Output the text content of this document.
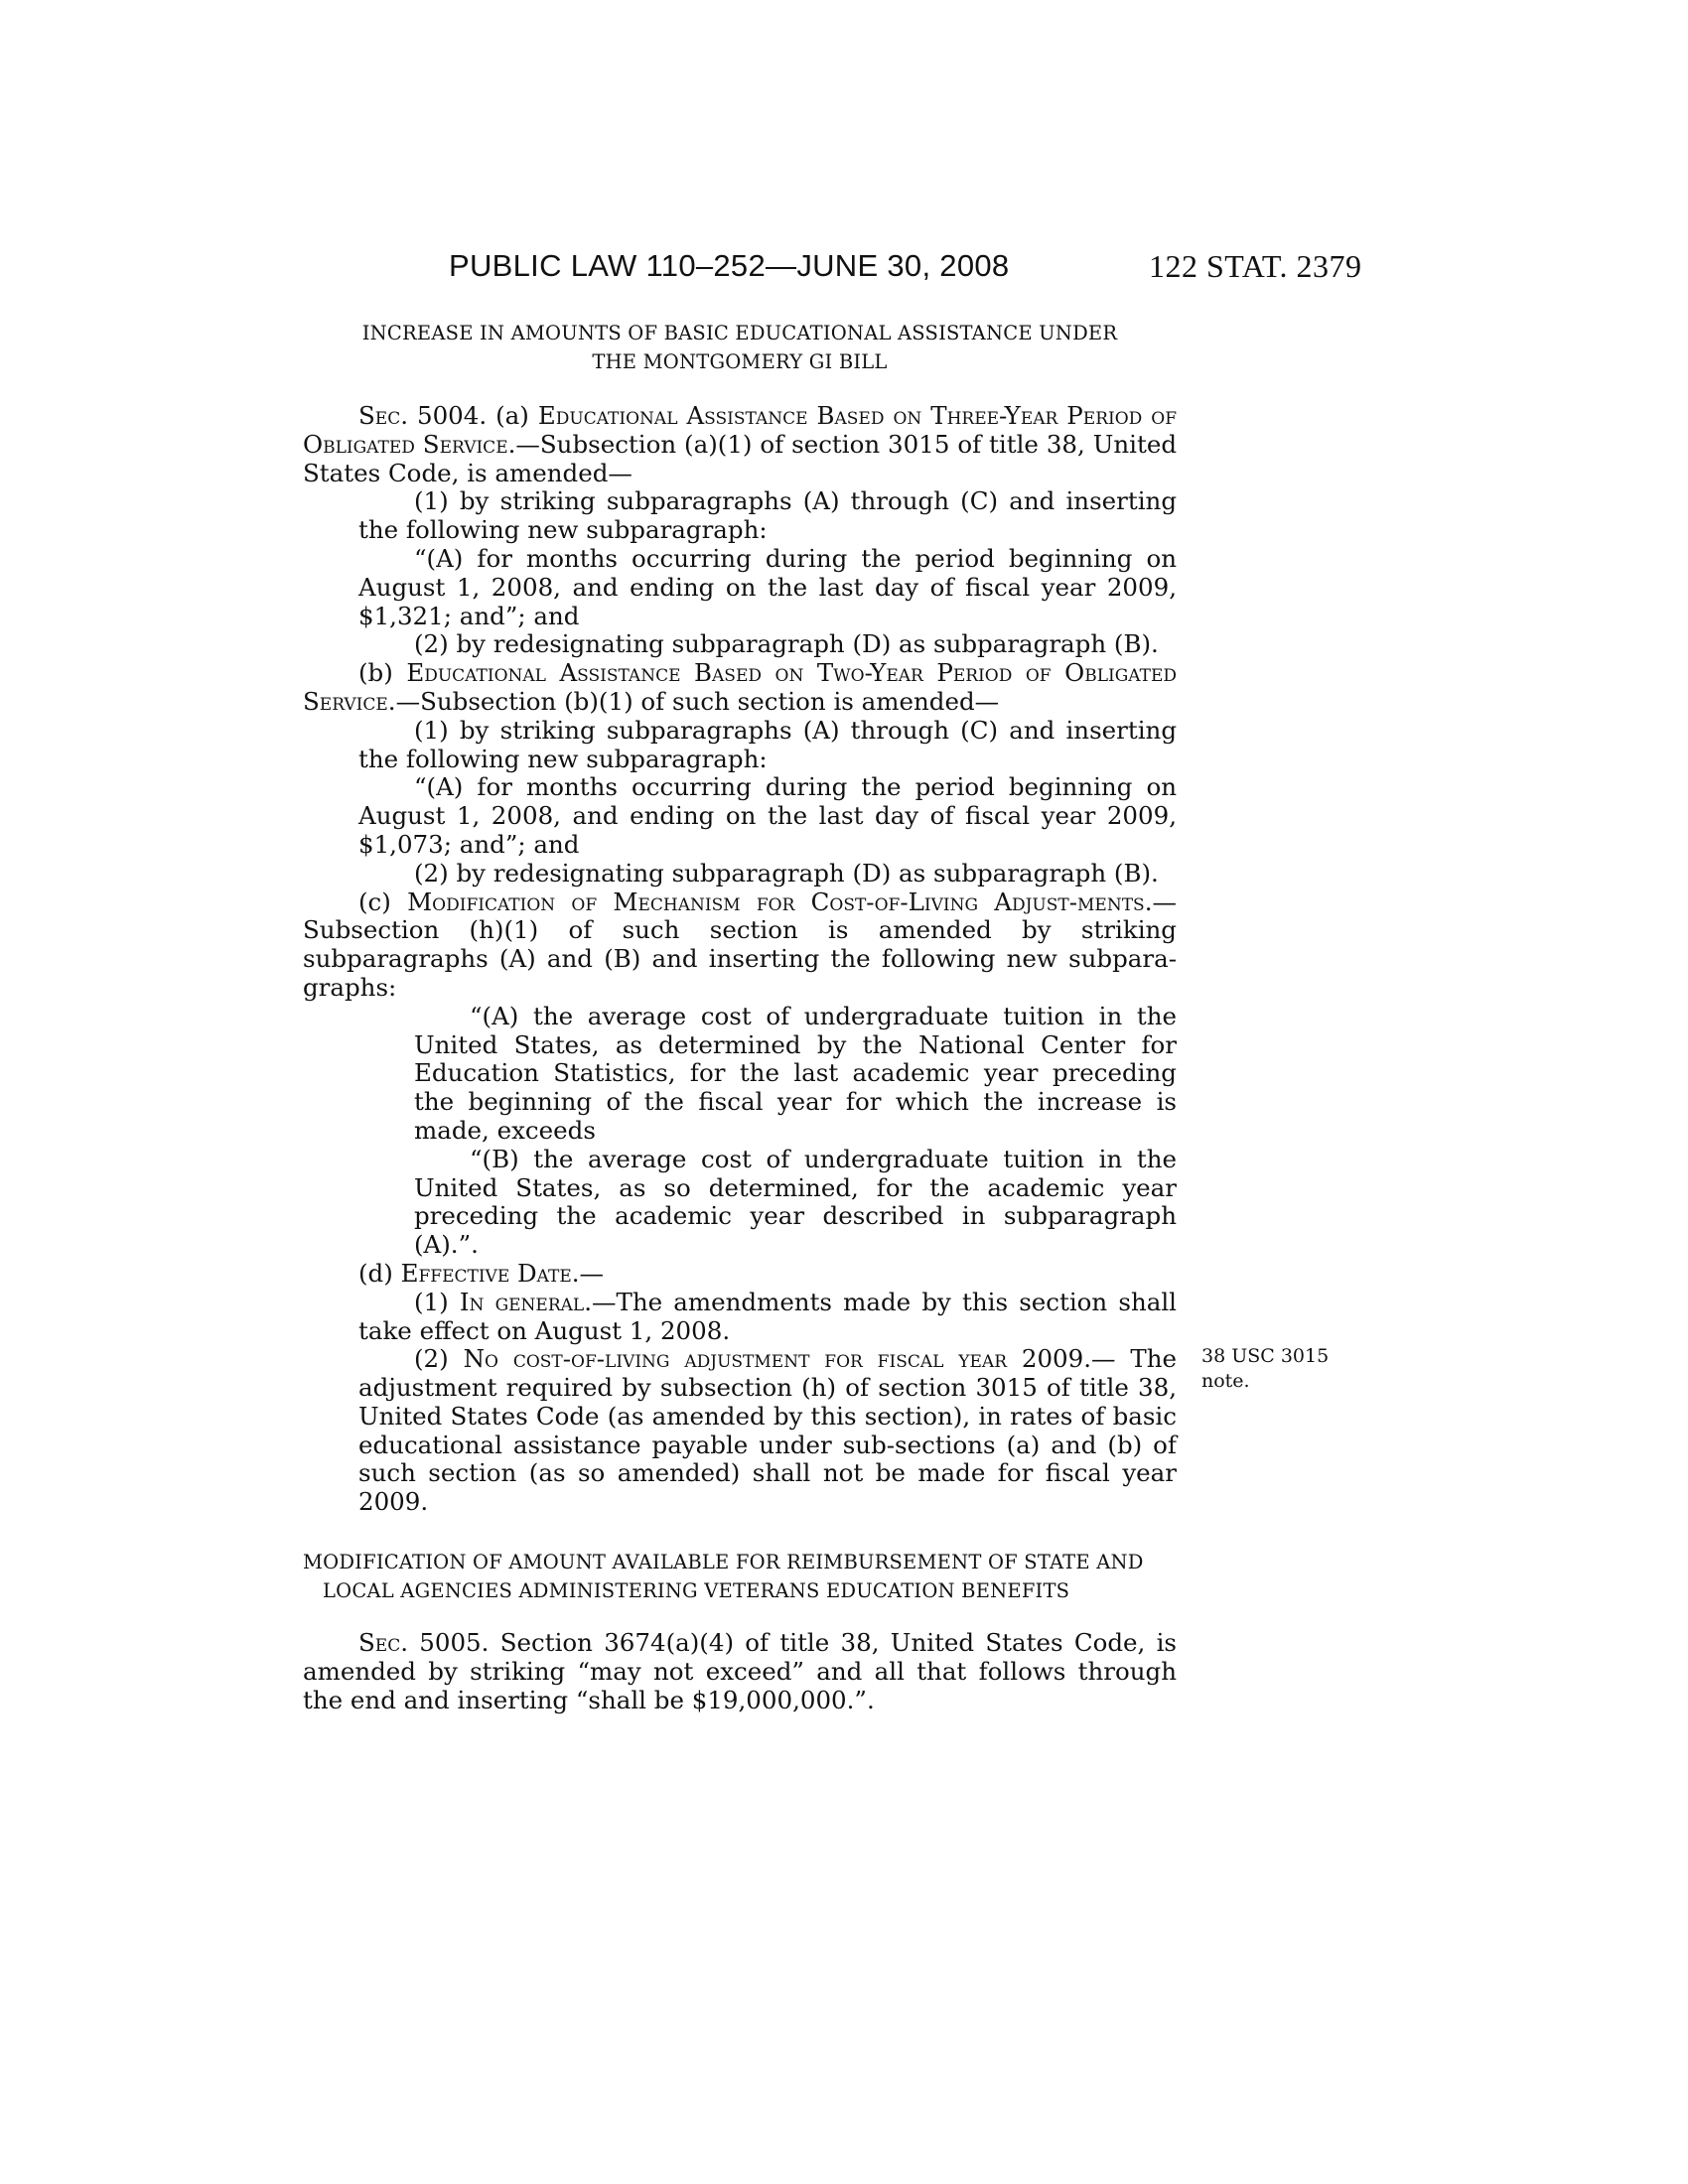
PUBLIC LAW 110–252—JUNE 30, 2008	122 STAT. 2379
38 USC 3015
note.
INCREASE IN AMOUNTS OF BASIC EDUCATIONAL ASSISTANCE UNDER
THE MONTGOMERY GI BILL

Sec. 5004. (a) Educational Assistance Based on Three-Year Period of Obligated Service.—Subsection (a)(1) of section 3015 of title 38, United States Code, is amended—

(1) by striking subparagraphs (A) through (C) and inserting the following new subparagraph:

“(A) for months occurring during the period beginning on August 1, 2008, and ending on the last day of fiscal year 2009, $1,321; and”; and

(2) by redesignating subparagraph (D) as subparagraph (B).

(b) Educational Assistance Based on Two-Year Period of Obligated Service.—Subsection (b)(1) of such section is amended—

(1) by striking subparagraphs (A) through (C) and inserting the following new subparagraph:

“(A) for months occurring during the period beginning on August 1, 2008, and ending on the last day of fiscal year 2009, $1,073; and”; and

(2) by redesignating subparagraph (D) as subparagraph (B).

(c) Modification of Mechanism for Cost-of-Living Adjust-ments.—Subsection (h)(1) of such section is amended by striking subparagraphs (A) and (B) and inserting the following new subpara-graphs:

“(A) the average cost of undergraduate tuition in the United States, as determined by the National Center for Education Statistics, for the last academic year preceding the beginning of the fiscal year for which the increase is made, exceeds

“(B) the average cost of undergraduate tuition in the United States, as so determined, for the academic year preceding the academic year described in subparagraph (A).”.

(d) Effective Date.—

(1) In general.—The amendments made by this section shall take effect on August 1, 2008.

(2) No cost-of-living adjustment for fiscal year 2009.— The adjustment required by subsection (h) of section 3015 of title 38, United States Code (as amended by this section), in rates of basic educational assistance payable under sub-sections (a) and (b) of such section (as so amended) shall not be made for fiscal year 2009.

MODIFICATION OF AMOUNT AVAILABLE FOR REIMBURSEMENT OF STATE AND LOCAL AGENCIES ADMINISTERING VETERANS EDUCATION BENEFITS

Sec. 5005. Section 3674(a)(4) of title 38, United States Code, is amended by striking “may not exceed” and all that follows through the end and inserting “shall be $19,000,000.”.
